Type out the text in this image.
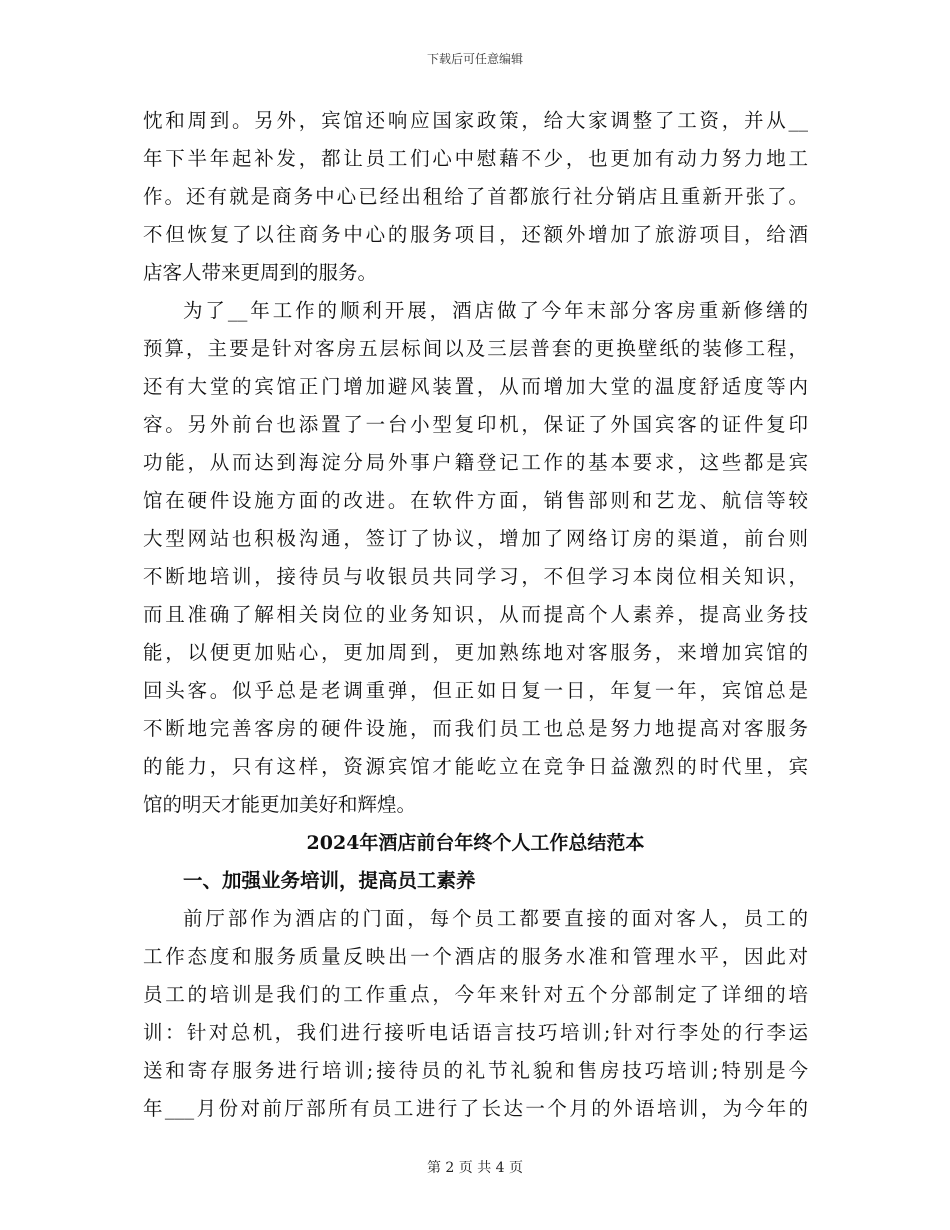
下载后可任意编辑
忱和周到。另外，宾馆还响应国家政策，给大家调整了工资，并从__
年下半年起补发，都让员工们心中慰藉不少，也更加有动力努力地工
作。还有就是商务中心已经出租给了首都旅行社分销店且重新开张了。
不但恢复了以往商务中心的服务项目，还额外增加了旅游项目，给酒
店客人带来更周到的服务。
为了__年工作的顺利开展，酒店做了今年末部分客房重新修缮的
预算，主要是针对客房五层标间以及三层普套的更换壁纸的装修工程，
还有大堂的宾馆正门增加避风装置，从而增加大堂的温度舒适度等内
容。另外前台也添置了一台小型复印机，保证了外国宾客的证件复印
功能，从而达到海淀分局外事户籍登记工作的基本要求，这些都是宾
馆在硬件设施方面的改进。在软件方面，销售部则和艺龙、航信等较
大型网站也积极沟通，签订了协议，增加了网络订房的渠道，前台则
不断地培训，接待员与收银员共同学习，不但学习本岗位相关知识，
而且准确了解相关岗位的业务知识，从而提高个人素养，提高业务技
能，以便更加贴心，更加周到，更加熟练地对客服务，来增加宾馆的
回头客。似乎总是老调重弹，但正如日复一日，年复一年，宾馆总是
不断地完善客房的硬件设施，而我们员工也总是努力地提高对客服务
的能力，只有这样，资源宾馆才能屹立在竞争日益激烈的时代里，宾
馆的明天才能更加美好和辉煌。
2024年酒店前台年终个人工作总结范本
一、加强业务培训，提高员工素养
前厅部作为酒店的门面，每个员工都要直接的面对客人，员工的
工作态度和服务质量反映出一个酒店的服务水准和管理水平，因此对
员工的培训是我们的工作重点，今年来针对五个分部制定了详细的培
训：针对总机，我们进行接听电话语言技巧培训;针对行李处的行李运
送和寄存服务进行培训;接待员的礼节礼貌和售房技巧培训;特别是今
年___月份对前厅部所有员工进行了长达一个月的外语培训，为今年的
第 2 页 共 4 页
